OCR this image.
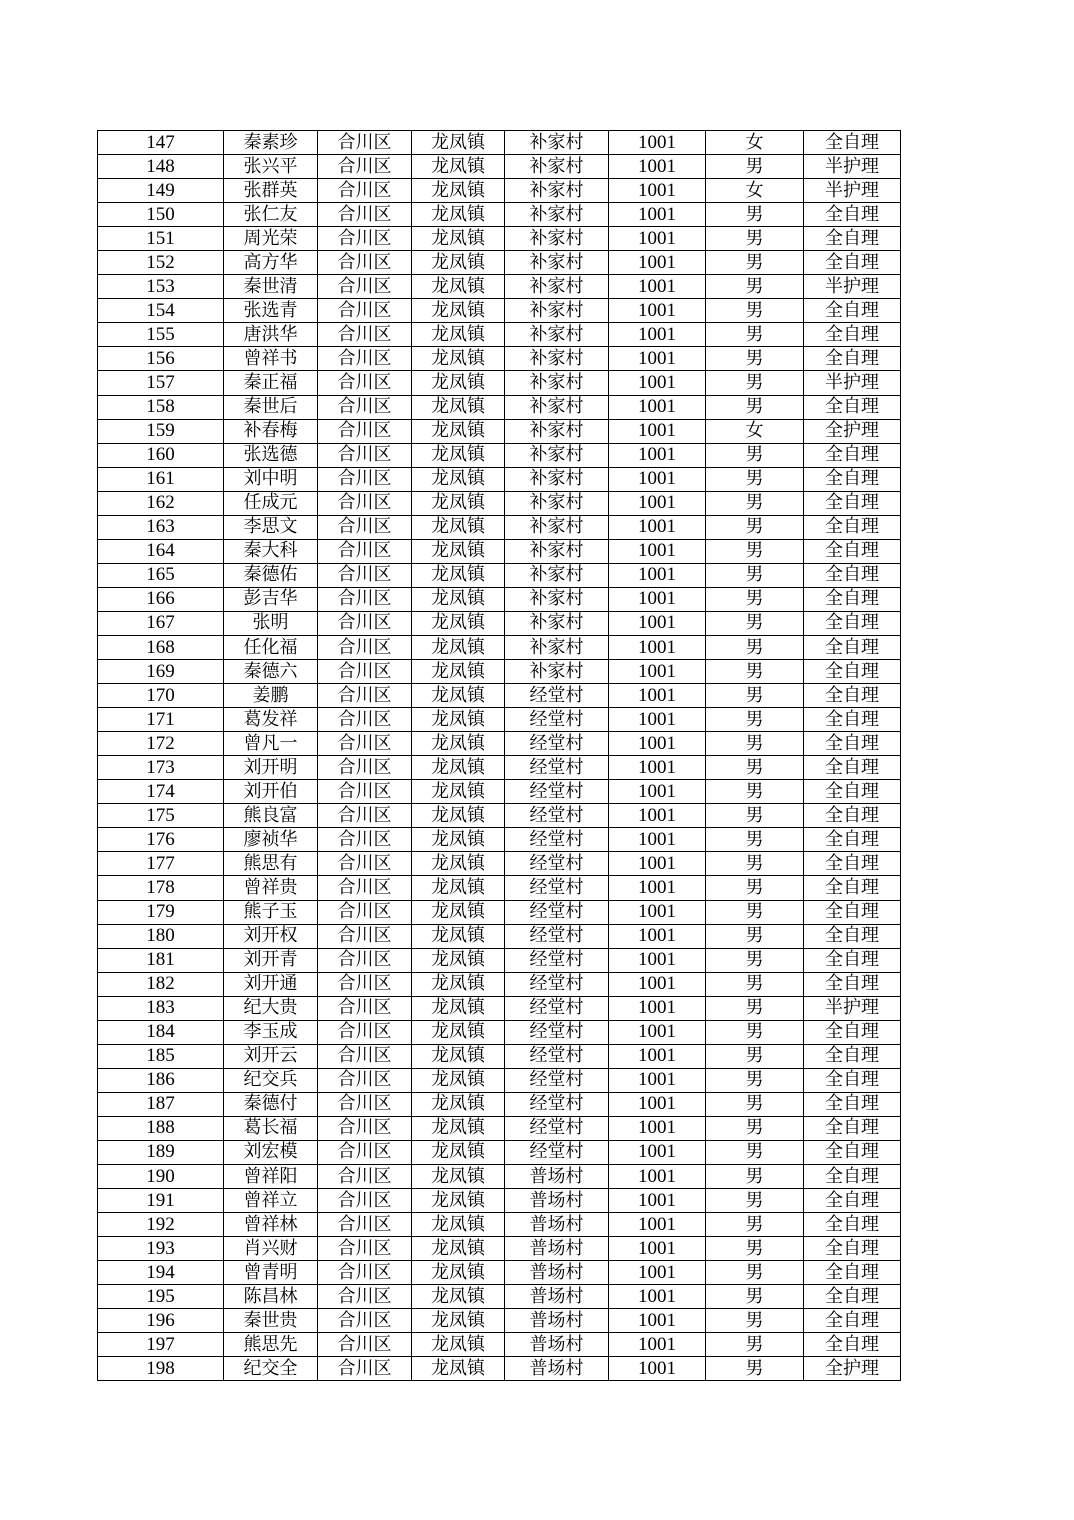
147	秦素珍	合川区	龙凤镇	补家村	1001	女	全自理
148	张兴平	合川区	龙凤镇	补家村	1001	男	半护理
149	张群英	合川区	龙凤镇	补家村	1001	女	半护理
150	张仁友	合川区	龙凤镇	补家村	1001	男	全自理
151	周光荣	合川区	龙凤镇	补家村	1001	男	全自理
152	高方华	合川区	龙凤镇	补家村	1001	男	全自理
153	秦世清	合川区	龙凤镇	补家村	1001	男	半护理
154	张选青	合川区	龙凤镇	补家村	1001	男	全自理
155	唐洪华	合川区	龙凤镇	补家村	1001	男	全自理
156	曾祥书	合川区	龙凤镇	补家村	1001	男	全自理
157	秦正福	合川区	龙凤镇	补家村	1001	男	半护理
158	秦世后	合川区	龙凤镇	补家村	1001	男	全自理
159	补春梅	合川区	龙凤镇	补家村	1001	女	全护理
160	张选德	合川区	龙凤镇	补家村	1001	男	全自理
161	刘中明	合川区	龙凤镇	补家村	1001	男	全自理
162	任成元	合川区	龙凤镇	补家村	1001	男	全自理
163	李思文	合川区	龙凤镇	补家村	1001	男	全自理
164	秦大科	合川区	龙凤镇	补家村	1001	男	全自理
165	秦德佑	合川区	龙凤镇	补家村	1001	男	全自理
166	彭吉华	合川区	龙凤镇	补家村	1001	男	全自理
167	张明	合川区	龙凤镇	补家村	1001	男	全自理
168	任化福	合川区	龙凤镇	补家村	1001	男	全自理
169	秦德六	合川区	龙凤镇	补家村	1001	男	全自理
170	姜鹏	合川区	龙凤镇	经堂村	1001	男	全自理
171	葛发祥	合川区	龙凤镇	经堂村	1001	男	全自理
172	曾凡一	合川区	龙凤镇	经堂村	1001	男	全自理
173	刘开明	合川区	龙凤镇	经堂村	1001	男	全自理
174	刘开伯	合川区	龙凤镇	经堂村	1001	男	全自理
175	熊良富	合川区	龙凤镇	经堂村	1001	男	全自理
176	廖祯华	合川区	龙凤镇	经堂村	1001	男	全自理
177	熊思有	合川区	龙凤镇	经堂村	1001	男	全自理
178	曾祥贵	合川区	龙凤镇	经堂村	1001	男	全自理
179	熊子玉	合川区	龙凤镇	经堂村	1001	男	全自理
180	刘开权	合川区	龙凤镇	经堂村	1001	男	全自理
181	刘开青	合川区	龙凤镇	经堂村	1001	男	全自理
182	刘开通	合川区	龙凤镇	经堂村	1001	男	全自理
183	纪大贵	合川区	龙凤镇	经堂村	1001	男	半护理
184	李玉成	合川区	龙凤镇	经堂村	1001	男	全自理
185	刘开云	合川区	龙凤镇	经堂村	1001	男	全自理
186	纪交兵	合川区	龙凤镇	经堂村	1001	男	全自理
187	秦德付	合川区	龙凤镇	经堂村	1001	男	全自理
188	葛长福	合川区	龙凤镇	经堂村	1001	男	全自理
189	刘宏模	合川区	龙凤镇	经堂村	1001	男	全自理
190	曾祥阳	合川区	龙凤镇	普场村	1001	男	全自理
191	曾祥立	合川区	龙凤镇	普场村	1001	男	全自理
192	曾祥林	合川区	龙凤镇	普场村	1001	男	全自理
193	肖兴财	合川区	龙凤镇	普场村	1001	男	全自理
194	曾青明	合川区	龙凤镇	普场村	1001	男	全自理
195	陈昌林	合川区	龙凤镇	普场村	1001	男	全自理
196	秦世贵	合川区	龙凤镇	普场村	1001	男	全自理
197	熊思先	合川区	龙凤镇	普场村	1001	男	全自理
198	纪交全	合川区	龙凤镇	普场村	1001	男	全护理
